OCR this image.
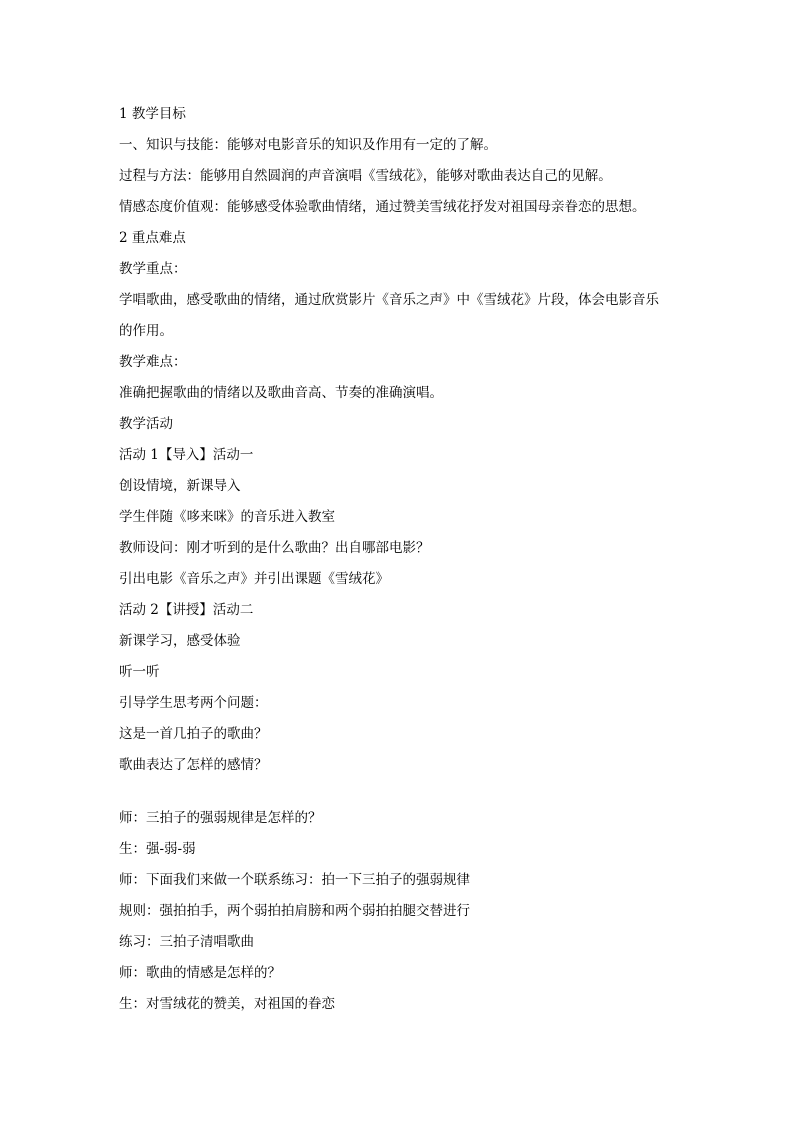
1 教学目标

一、知识与技能：能够对电影音乐的知识及作用有一定的了解。

过程与方法：能够用自然圆润的声音演唱《雪绒花》，能够对歌曲表达自己的见解。

情感态度价值观：能够感受体验歌曲情绪，通过赞美雪绒花抒发对祖国母亲眷恋的思想。

2 重点难点

教学重点：

学唱歌曲，感受歌曲的情绪，通过欣赏影片《音乐之声》中《雪绒花》片段，体会电影音乐

的作用。

教学难点：

准确把握歌曲的情绪以及歌曲音高、节奏的准确演唱。

教学活动

活动 1【导入】活动一

创设情境，新课导入

学生伴随《哆来咪》的音乐进入教室

教师设问：刚才听到的是什么歌曲？出自哪部电影？

引出电影《音乐之声》并引出课题《雪绒花》

活动 2【讲授】活动二

新课学习，感受体验

听一听

引导学生思考两个问题：

这是一首几拍子的歌曲？

歌曲表达了怎样的感情？

师：三拍子的强弱规律是怎样的？

生：强-弱-弱

师：下面我们来做一个联系练习：拍一下三拍子的强弱规律

规则：强拍拍手，两个弱拍拍肩膀和两个弱拍拍腿交替进行

练习：三拍子清唱歌曲

师：歌曲的情感是怎样的？

生：对雪绒花的赞美，对祖国的眷恋
